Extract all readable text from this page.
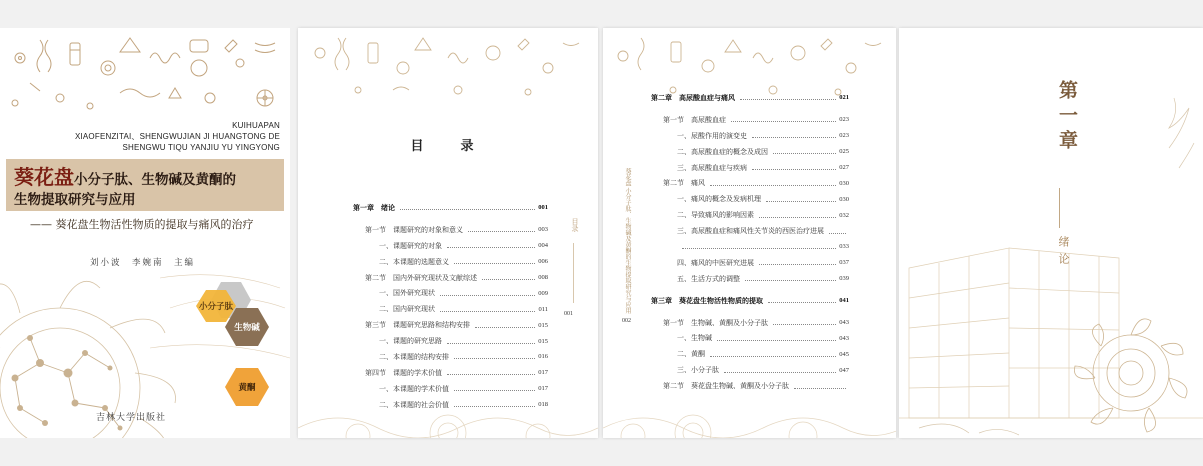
KUIHUAPAN
XIAOFENZITAI、SHENGWUJIAN JI HUANGTONG DE
SHENGWU TIQU YANJIU YU YINGYONG
葵花盘小分子肽、生物碱及黄酮的
生物提取研究与应用
—— 葵花盘生物活性物质的提取与痛风的治疗
刘小波　李婉南　主编
小分子肽
生物碱
黄酮
吉林大学出版社
目　录
第一章　绪论	001
第一节　课题研究的对象和意义	003
一、课题研究的对象	004
二、本课题的选题意义	006
第二节　国内外研究现状及文献综述	008
一、国外研究现状	009
二、国内研究现状	011
第三节　课题研究思路和结构安排	015
一、课题的研究思路	015
二、本课题的结构安排	016
第四节　课题的学术价值	017
一、本课题的学术价值	017
二、本课题的社会价值	018
目录
001
葵花盘 小分子肽、生物碱及黄酮的生物提取研究与应用
002
第二章　高尿酸血症与痛风	021
第一节　高尿酸血症	023
一、尿酸作用的演变史	023
二、高尿酸血症的概念及成因	025
三、高尿酸血症与疾病	027
第二节　痛风	030
一、痛风的概念及发病机理	030
二、导致痛风的影响因素	032
三、高尿酸血症和痛风性关节炎的西医治疗进展
033
四、痛风的中医研究进展	037
五、生活方式的调整	039
第三章　葵花盘生物活性物质的提取	041
第一节　生物碱、黄酮及小分子肽	043
一、生物碱	043
二、黄酮	045
三、小分子肽	047
第二节　葵花盘生物碱、黄酮及小分子肽
第一章
绪论
